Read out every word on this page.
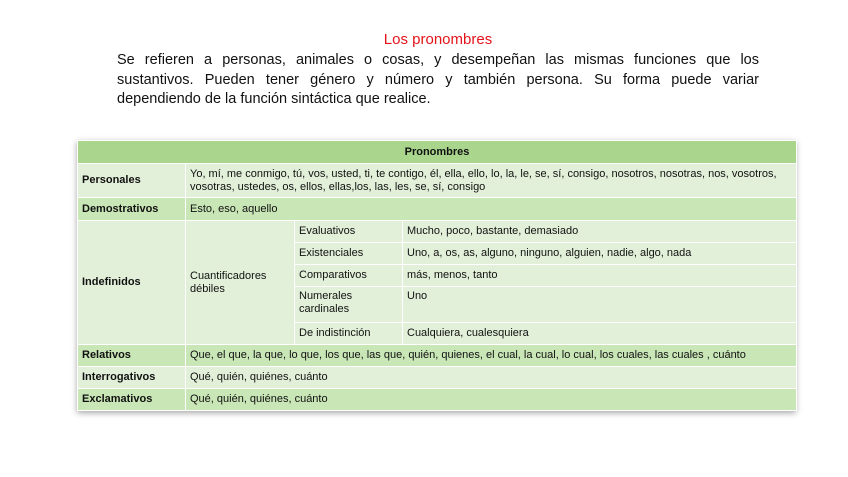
Los pronombres
Se refieren a personas, animales o cosas, y desempeñan las mismas funciones que los sustantivos. Pueden tener género y número y también persona. Su forma puede variar dependiendo de la función sintáctica que realice.
Pronombres			
Personales	Yo, mí, me conmigo, tú, vos, usted, ti, te contigo, él, ella, ello, lo, la, le, se, sí, consigo, nosotros, nosotras, nos, vosotros, vosotras, ustedes, os, ellos, ellas,los, las, les, se, sí, consigo		
Demostrativos	Esto, eso, aquello		
Indefinidos	Cuantificadores débiles	Evaluativos	Mucho, poco, bastante, demasiado
		Existenciales	Uno, a, os, as, alguno, ninguno, alguien, nadie, algo, nada
		Comparativos	más, menos, tanto
		Numerales cardinales	Uno
		De indistinción	Cualquiera, cualesquiera
Relativos	Que, el que, la que, lo que, los que, las que, quién, quienes, el cual, la cual, lo cual, los cuales, las cuales , cuánto		
Interrogativos	Qué, quién, quiénes, cuánto		
Exclamativos	Qué, quién, quiénes, cuánto		
